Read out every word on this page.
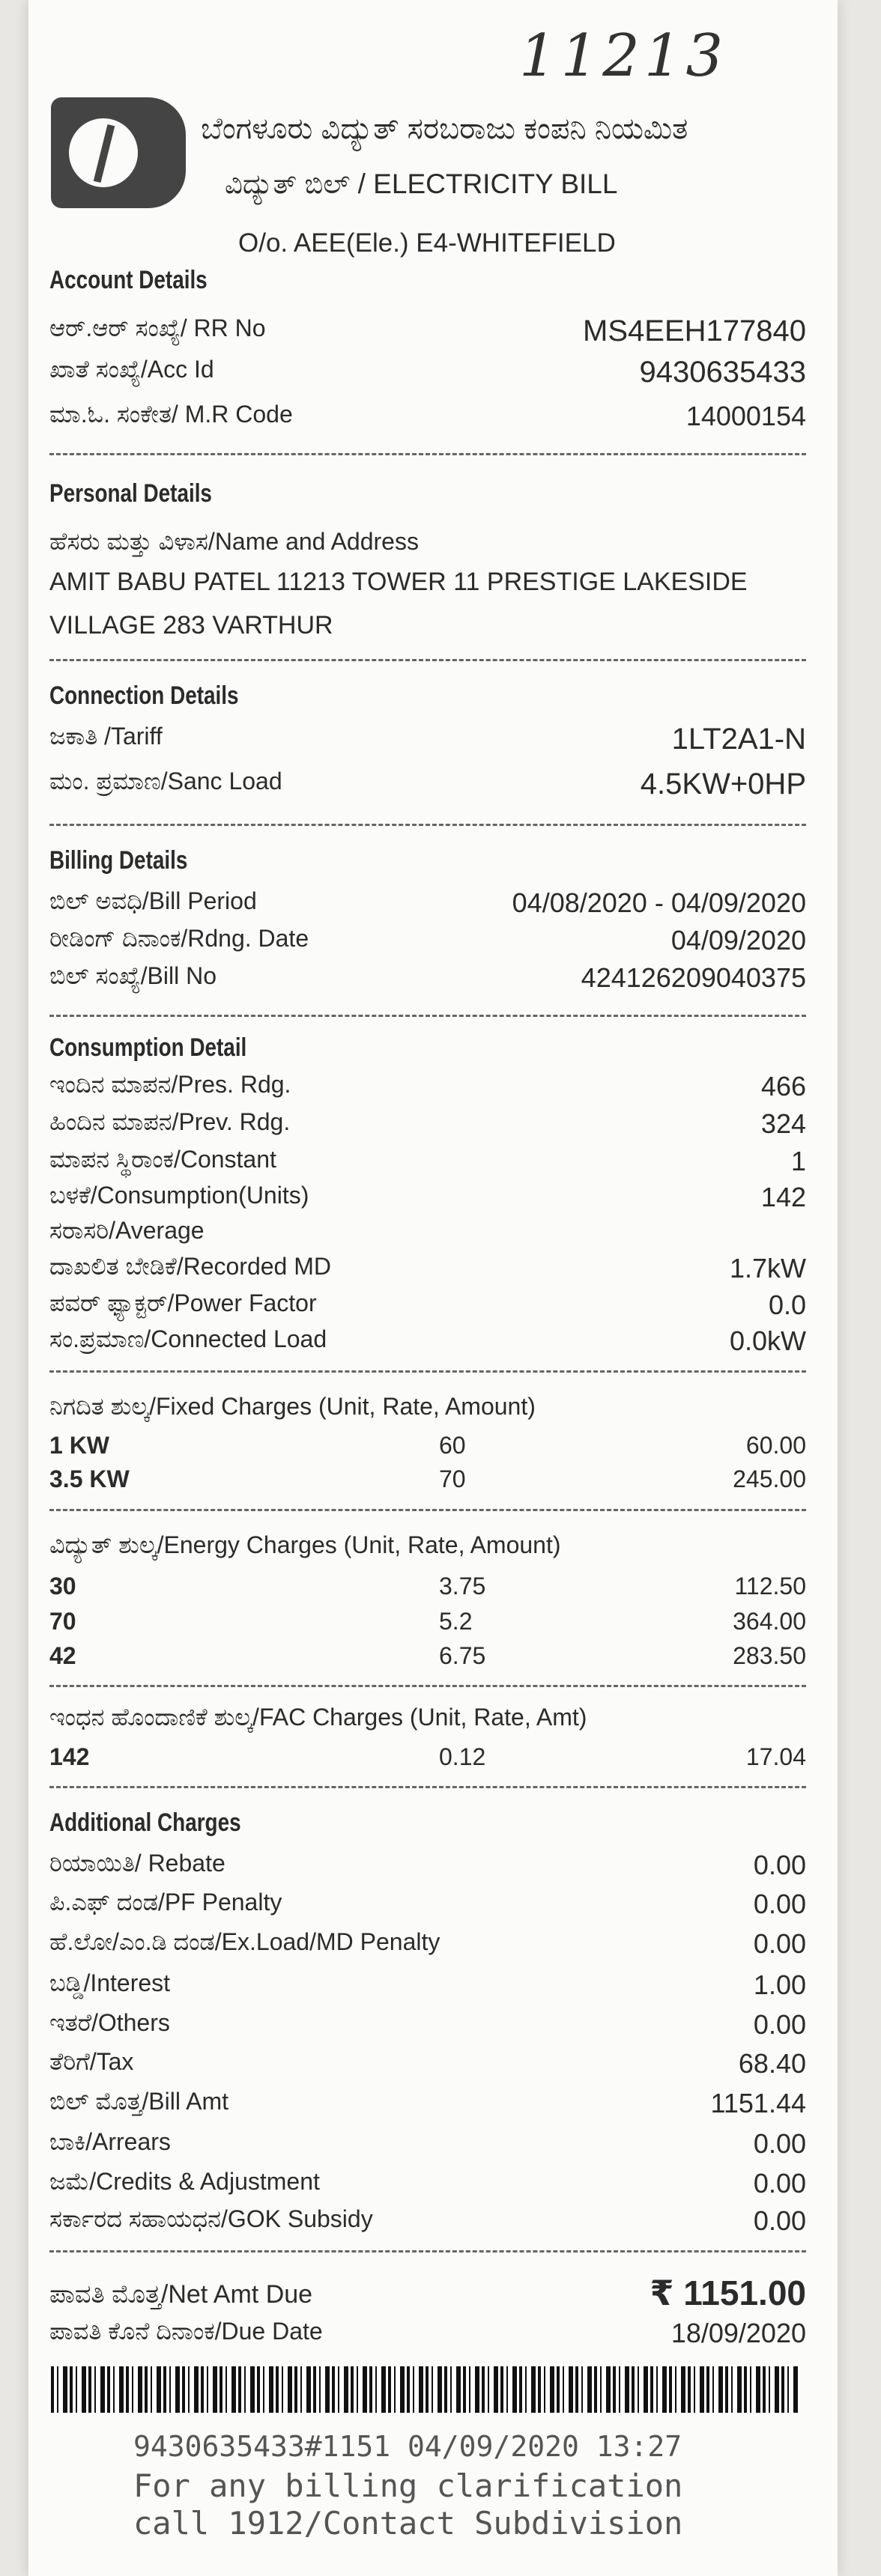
11213
ಬೆಂಗಳೂರು ವಿದ್ಯುತ್ ಸರಬರಾಜು ಕಂಪನಿ ನಿಯಮಿತ
ವಿದ್ಯುತ್ ಬಿಲ್ / ELECTRICITY BILL
O/o. AEE(Ele.) E4-WHITEFIELD
Account Details
ಆರ್.ಆರ್ ಸಂಖ್ಯೆ/ RR No	MS4EEH177840
ಖಾತೆ ಸಂಖ್ಯೆ/Acc Id	9430635433
ಮಾ.ಓ. ಸಂಕೇತ/ M.R Code	14000154
Personal Details
ಹೆಸರು ಮತ್ತು ವಿಳಾಸ/Name and Address
AMIT BABU PATEL 11213 TOWER 11 PRESTIGE LAKESIDE
VILLAGE 283 VARTHUR
Connection Details
ಜಕಾತಿ /Tariff	1LT2A1-N
ಮಂ. ಪ್ರಮಾಣ/Sanc Load	4.5KW+0HP
Billing Details
ಬಿಲ್ ಅವಧಿ/Bill Period	04/08/2020 - 04/09/2020
ರೀಡಿಂಗ್ ದಿನಾಂಕ/Rdng. Date	04/09/2020
ಬಿಲ್ ಸಂಖ್ಯೆ/Bill No	424126209040375
Consumption Detail
ಇಂದಿನ ಮಾಪನ/Pres. Rdg.	466
ಹಿಂದಿನ ಮಾಪನ/Prev. Rdg.	324
ಮಾಪನ ಸ್ಥಿರಾಂಕ/Constant	1
ಬಳಕೆ/Consumption(Units)	142
ಸರಾಸರಿ/Average
ದಾಖಲಿತ ಬೇಡಿಕೆ/Recorded MD	1.7kW
ಪವರ್ ಫ್ಯಾಕ್ಟರ್/Power Factor	0.0
ಸಂ.ಪ್ರಮಾಣ/Connected Load	0.0kW
ನಿಗದಿತ ಶುಲ್ಕ/Fixed Charges (Unit, Rate, Amount)
1 KW	60	60.00
3.5 KW	70	245.00
ವಿದ್ಯುತ್ ಶುಲ್ಕ/Energy Charges (Unit, Rate, Amount)
30	3.75	112.50
70	5.2	364.00
42	6.75	283.50
ಇಂಧನ ಹೊಂದಾಣಿಕೆ ಶುಲ್ಕ/FAC Charges (Unit, Rate, Amt)
142	0.12	17.04
Additional Charges
ರಿಯಾಯಿತಿ/ Rebate	0.00
ಪಿ.ಎಫ್ ದಂಡ/PF Penalty	0.00
ಹೆ.ಲೋ/ಎಂ.ಡಿ ದಂಡ/Ex.Load/MD Penalty	0.00
ಬಡ್ಡಿ/Interest	1.00
ಇತರೆ/Others	0.00
ತೆರಿಗೆ/Tax	68.40
ಬಿಲ್ ಮೊತ್ತ/Bill Amt	1151.44
ಬಾಕಿ/Arrears	0.00
ಜಮೆ/Credits & Adjustment	0.00
ಸರ್ಕಾರದ ಸಹಾಯಧನ/GOK Subsidy	0.00
ಪಾವತಿ ಮೊತ್ತ/Net Amt Due	₹ 1151.00
ಪಾವತಿ ಕೊನೆ ದಿನಾಂಕ/Due Date	18/09/2020
9430635433#1151 04/09/2020 13:27
For any billing clarification
call 1912/Contact Subdivision
